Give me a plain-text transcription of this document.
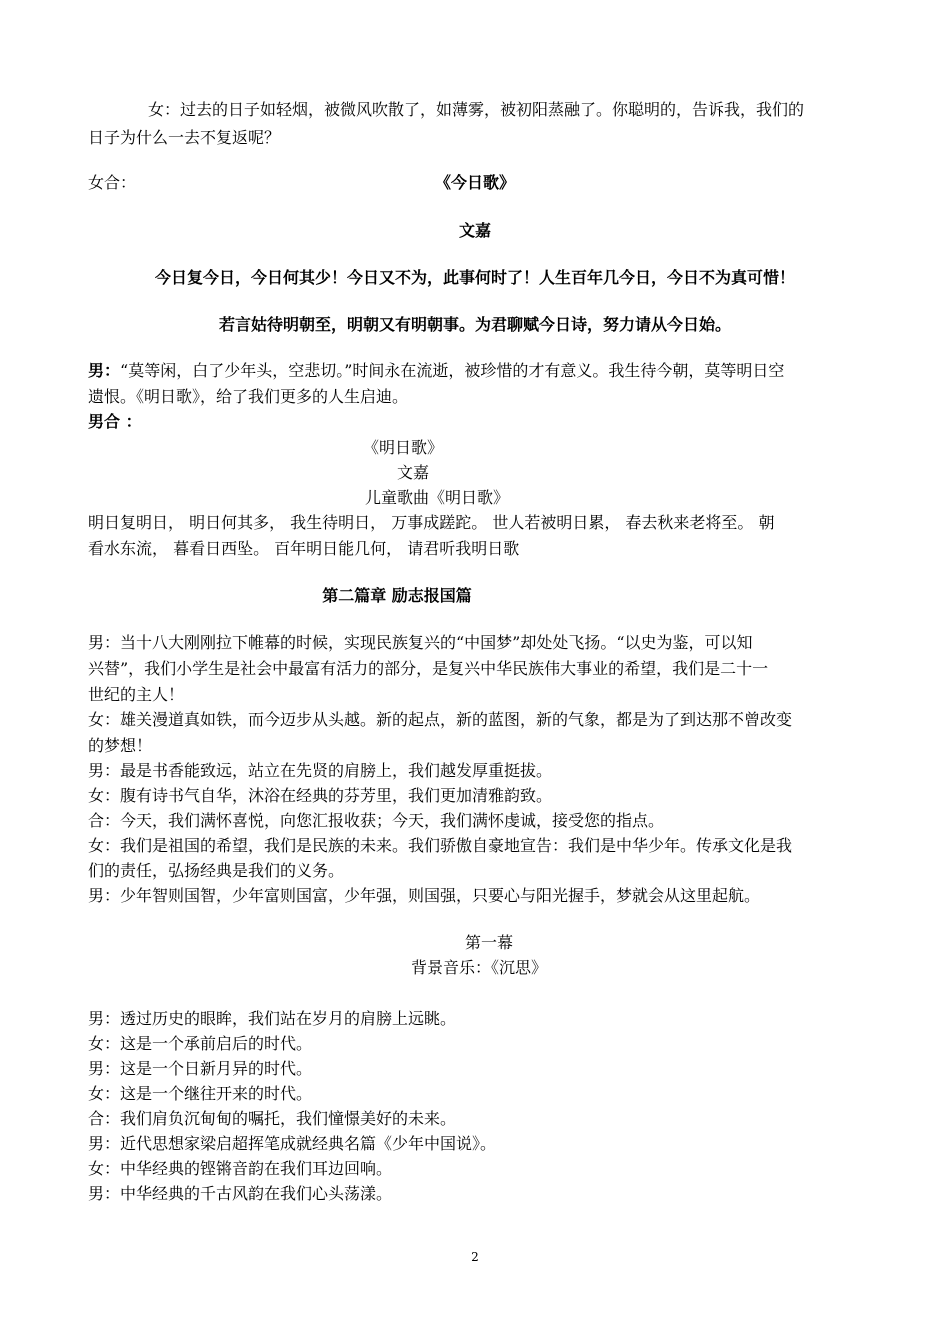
女：过去的日子如轻烟，被微风吹散了，如薄雾，被初阳蒸融了。你聪明的，告诉我，我们的
日子为什么一去不复返呢？
女合：	《今日歌》
文嘉
今日复今日，今日何其少！今日又不为，此事何时了！人生百年几今日，今日不为真可惜！
若言姑待明朝至，明朝又有明朝事。为君聊赋今日诗，努力请从今日始。
男：“莫等闲，白了少年头，空悲切。”时间永在流逝，被珍惜的才有意义。我生待今朝，莫等明日空
遗恨。《明日歌》，给了我们更多的人生启迪。
男合 ：
《明日歌》
文嘉
儿童歌曲《明日歌》
明日复明日， 明日何其多， 我生待明日， 万事成蹉跎。 世人若被明日累， 春去秋来老将至。 朝
看水东流， 暮看日西坠。 百年明日能几何， 请君听我明日歌
第二篇章 励志报国篇
男：当十八大刚刚拉下帷幕的时候，实现民族复兴的“中国梦”却处处飞扬。“以史为鉴，可以知
兴替”，我们小学生是社会中最富有活力的部分，是复兴中华民族伟大事业的希望，我们是二十一
世纪的主人！
女：雄关漫道真如铁，而今迈步从头越。新的起点，新的蓝图，新的气象，都是为了到达那不曾改变
的梦想！
男：最是书香能致远，站立在先贤的肩膀上，我们越发厚重挺拔。
女：腹有诗书气自华，沐浴在经典的芬芳里，我们更加清雅韵致。
合：今天，我们满怀喜悦，向您汇报收获；今天，我们满怀虔诚，接受您的指点。
女：我们是祖国的希望，我们是民族的未来。我们骄傲自豪地宣告：我们是中华少年。传承文化是我
们的责任，弘扬经典是我们的义务。
男：少年智则国智，少年富则国富，少年强，则国强，只要心与阳光握手，梦就会从这里起航。
第一幕
背景音乐：《沉思》
男：透过历史的眼眸，我们站在岁月的肩膀上远眺。
女：这是一个承前启后的时代。
男：这是一个日新月异的时代。
女：这是一个继往开来的时代。
合：我们肩负沉甸甸的嘱托，我们憧憬美好的未来。
男：近代思想家梁启超挥笔成就经典名篇《少年中国说》。
女：中华经典的铿锵音韵在我们耳边回响。
男：中华经典的千古风韵在我们心头荡漾。
2
